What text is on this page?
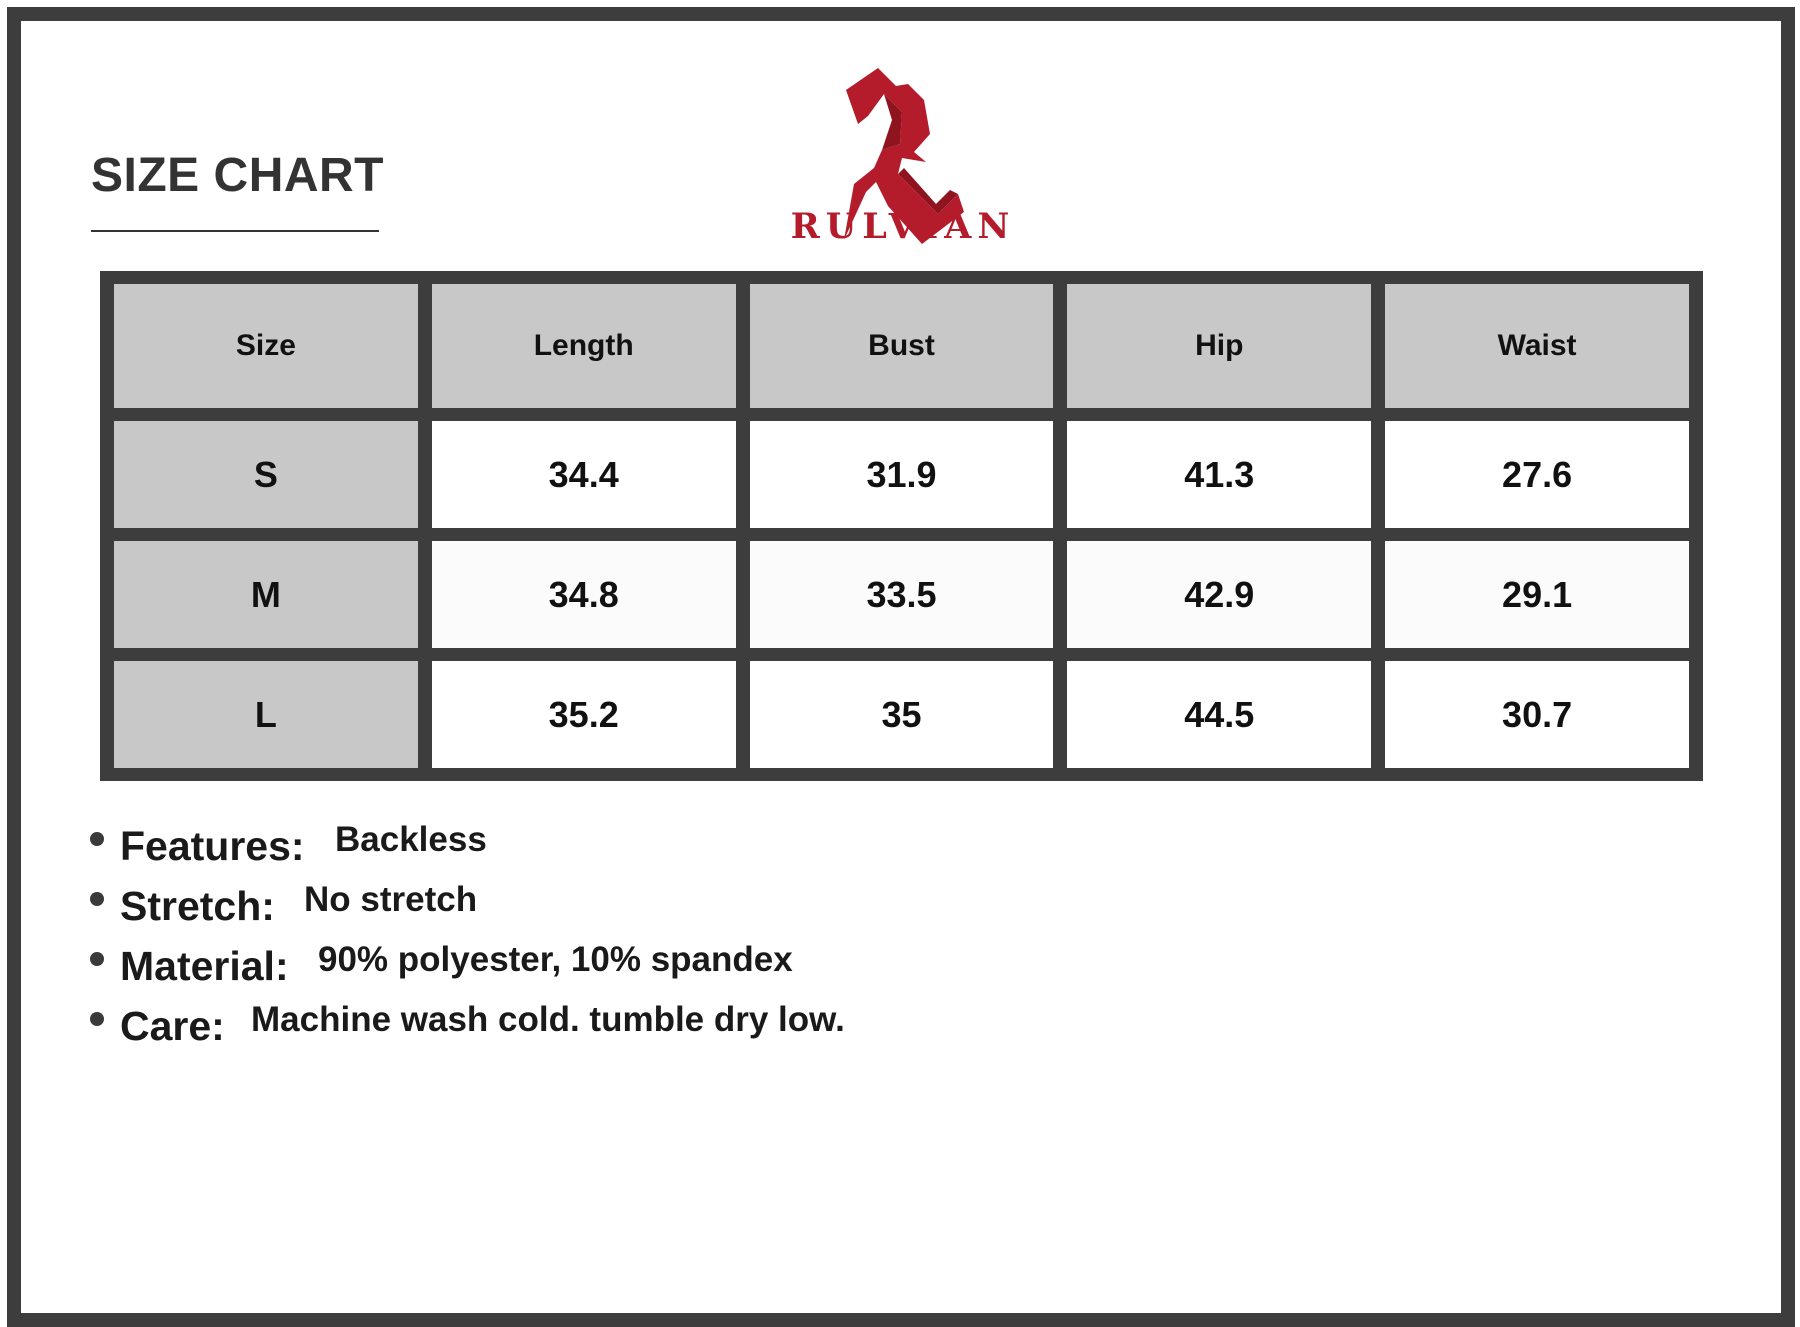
SIZE CHART
RULVIAN
Size	Length	Bust	Hip	Waist
S	34.4	31.9	41.3	27.6
M	34.8	33.5	42.9	29.1
L	35.2	35	44.5	30.7
Features: Backless
Stretch: No stretch
Material: 90% polyester, 10% spandex
Care: Machine wash cold. tumble dry low.
